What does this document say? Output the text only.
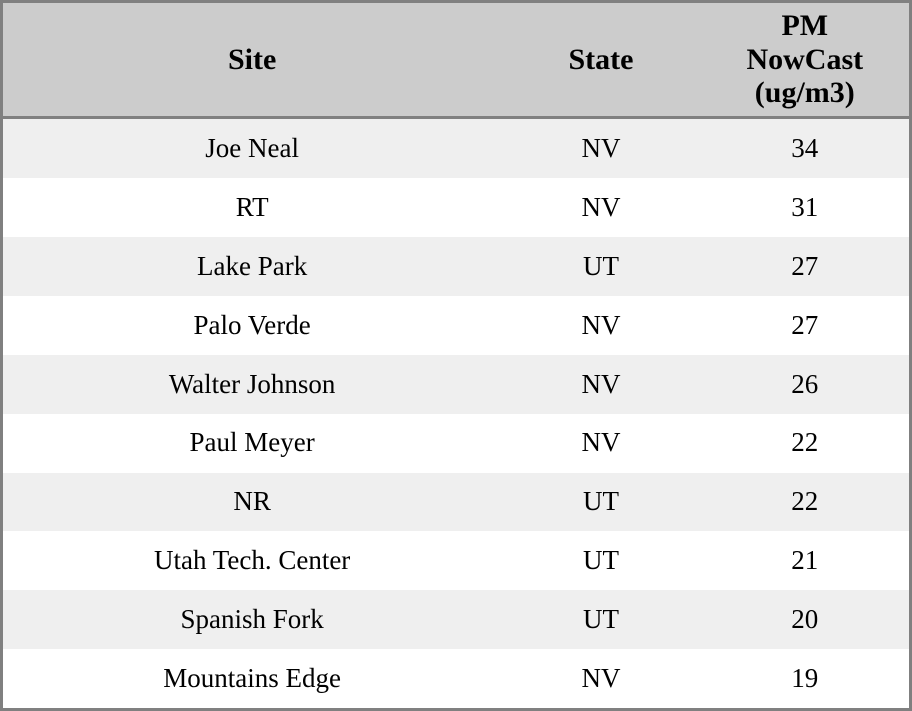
Site	State	PM
NowCast
(ug/m3)

Joe Neal	NV	34
RT	NV	31
Lake Park	UT	27
Palo Verde	NV	27
Walter Johnson	NV	26
Paul Meyer	NV	22
NR	UT	22
Utah Tech. Center	UT	21
Spanish Fork	UT	20
Mountains Edge	NV	19
